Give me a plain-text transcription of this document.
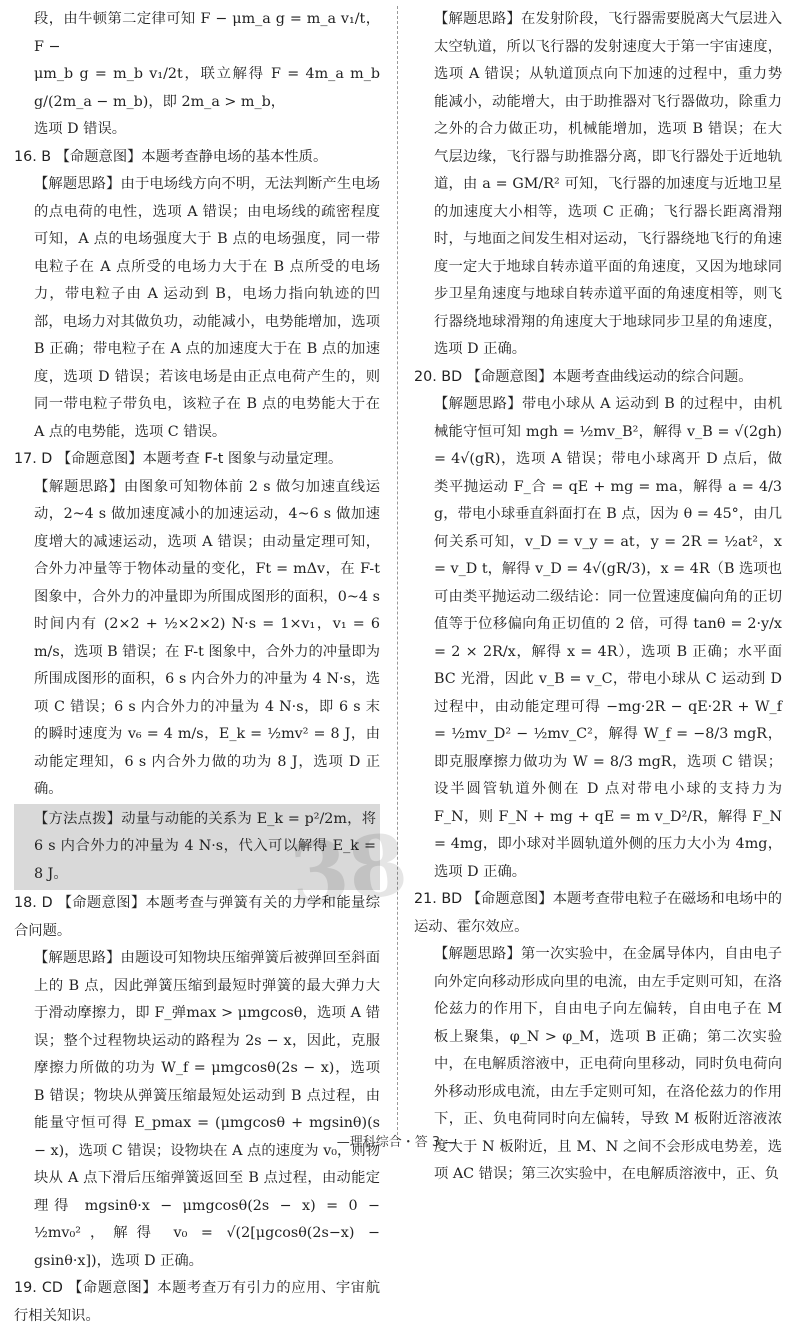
段，由牛顿第二定律可知 F − μm_a g = m_a v₁/t，F −

μm_b g = m_b v₁/2t，联立解得 F = 4m_a m_b g/(2m_a − m_b)，即 2m_a > m_b，

选项 D 错误。

16. B 【命题意图】本题考查静电场的基本性质。

【解题思路】由于电场线方向不明，无法判断产生电场的点电荷的电性，选项 A 错误；由电场线的疏密程度可知，A 点的电场强度大于 B 点的电场强度，同一带电粒子在 A 点所受的电场力大于在 B 点所受的电场力，带电粒子由 A 运动到 B，电场力指向轨迹的凹部，电场力对其做负功，动能减小，电势能增加，选项 B 正确；带电粒子在 A 点的加速度大于在 B 点的加速度，选项 D 错误；若该电场是由正点电荷产生的，则同一带电粒子带负电，该粒子在 B 点的电势能大于在 A 点的电势能，选项 C 错误。

17. D 【命题意图】本题考查 F-t 图象与动量定理。

【解题思路】由图象可知物体前 2 s 做匀加速直线运动，2~4 s 做加速度减小的加速运动，4~6 s 做加速度增大的减速运动，选项 A 错误；由动量定理可知，合外力冲量等于物体动量的变化，Ft = mΔv，在 F-t 图象中，合外力的冲量即为所围成图形的面积，0~4 s 时间内有 (2×2 + ½×2×2) N·s = 1×v₁，v₁ = 6 m/s，选项 B 错误；在 F-t 图象中，合外力的冲量即为所围成图形的面积，6 s 内合外力的冲量为 4 N·s，选项 C 错误；6 s 内合外力的冲量为 4 N·s，即 6 s 末的瞬时速度为 v₆ = 4 m/s，E_k = ½mv² = 8 J，由动能定理知，6 s 内合外力做的功为 8 J，选项 D 正确。

【方法点拨】动量与动能的关系为 E_k = p²/2m，将 6 s 内合外力的冲量为 4 N·s，代入可以解得 E_k = 8 J。

18. D 【命题意图】本题考查与弹簧有关的力学和能量综合问题。

【解题思路】由题设可知物块压缩弹簧后被弹回至斜面上的 B 点，因此弹簧压缩到最短时弹簧的最大弹力大于滑动摩擦力，即 F_弹max > μmgcosθ，选项 A 错误；整个过程物块运动的路程为 2s − x，因此，克服摩擦力所做的功为 W_f = μmgcosθ(2s − x)，选项 B 错误；物块从弹簧压缩最短处运动到 B 点过程，由能量守恒可得 E_pmax = (μmgcosθ + mgsinθ)(s − x)，选项 C 错误；设物块在 A 点的速度为 v₀，则物块从 A 点下滑后压缩弹簧返回至 B 点过程，由动能定理得 mgsinθ·x − μmgcosθ(2s − x) = 0 − ½mv₀²，解得 v₀ = √(2[μgcosθ(2s−x) − gsinθ·x])，选项 D 正确。

19. CD 【命题意图】本题考查万有引力的应用、宇宙航行相关知识。

【解题思路】在发射阶段，飞行器需要脱离大气层进入太空轨道，所以飞行器的发射速度大于第一宇宙速度，选项 A 错误；从轨道顶点向下加速的过程中，重力势能减小，动能增大，由于助推器对飞行器做功，除重力之外的合力做正功，机械能增加，选项 B 错误；在大气层边缘，飞行器与助推器分离，即飞行器处于近地轨道，由 a = GM/R² 可知，飞行器的加速度与近地卫星的加速度大小相等，选项 C 正确；飞行器长距离滑翔时，与地面之间发生相对运动，飞行器绕地飞行的角速度一定大于地球自转赤道平面的角速度，又因为地球同步卫星角速度与地球自转赤道平面的角速度相等，则飞行器绕地球滑翔的角速度大于地球同步卫星的角速度，选项 D 正确。

20. BD 【命题意图】本题考查曲线运动的综合问题。

【解题思路】带电小球从 A 运动到 B 的过程中，由机械能守恒可知 mgh = ½mv_B²，解得 v_B = √(2gh) = 4√(gR)，选项 A 错误；带电小球离开 D 点后，做类平抛运动 F_合 = qE + mg = ma，解得 a = 4/3 g，带电小球垂直斜面打在 B 点，因为 θ = 45°，由几何关系可知，v_D = v_y = at，y = 2R = ½at²，x = v_D t，解得 v_D = 4√(gR/3)，x = 4R（B 选项也可由类平抛运动二级结论：同一位置速度偏向角的正切值等于位移偏向角正切值的 2 倍，可得 tanθ = 2·y/x = 2 × 2R/x，解得 x = 4R），选项 B 正确；水平面 BC 光滑，因此 v_B = v_C，带电小球从 C 运动到 D 过程中，由动能定理可得 −mg·2R − qE·2R + W_f = ½mv_D² − ½mv_C²，解得 W_f = −8/3 mgR，即克服摩擦力做功为 W = 8/3 mgR，选项 C 错误；设半圆管轨道外侧在 D 点对带电小球的支持力为 F_N，则 F_N + mg + qE = m v_D²/R，解得 F_N = 4mg，即小球对半圆轨道外侧的压力大小为 4mg，选项 D 正确。

21. BD 【命题意图】本题考查带电粒子在磁场和电场中的运动、霍尔效应。

【解题思路】第一次实验中，在金属导体内，自由电子向外定向移动形成向里的电流，由左手定则可知，在洛伦兹力的作用下，自由电子向左偏转，自由电子在 M 板上聚集，φ_N > φ_M，选项 B 正确；第二次实验中，在电解质溶液中，正电荷向里移动，同时负电荷向外移动形成电流，由左手定则可知，在洛伦兹力的作用下，正、负电荷同时向左偏转，导致 M 板附近溶液浓度大于 N 板附近，且 M、N 之间不会形成电势差，选项 AC 错误；第三次实验中，在电解质溶液中，正、负

38
—理科综合・答 3 —
